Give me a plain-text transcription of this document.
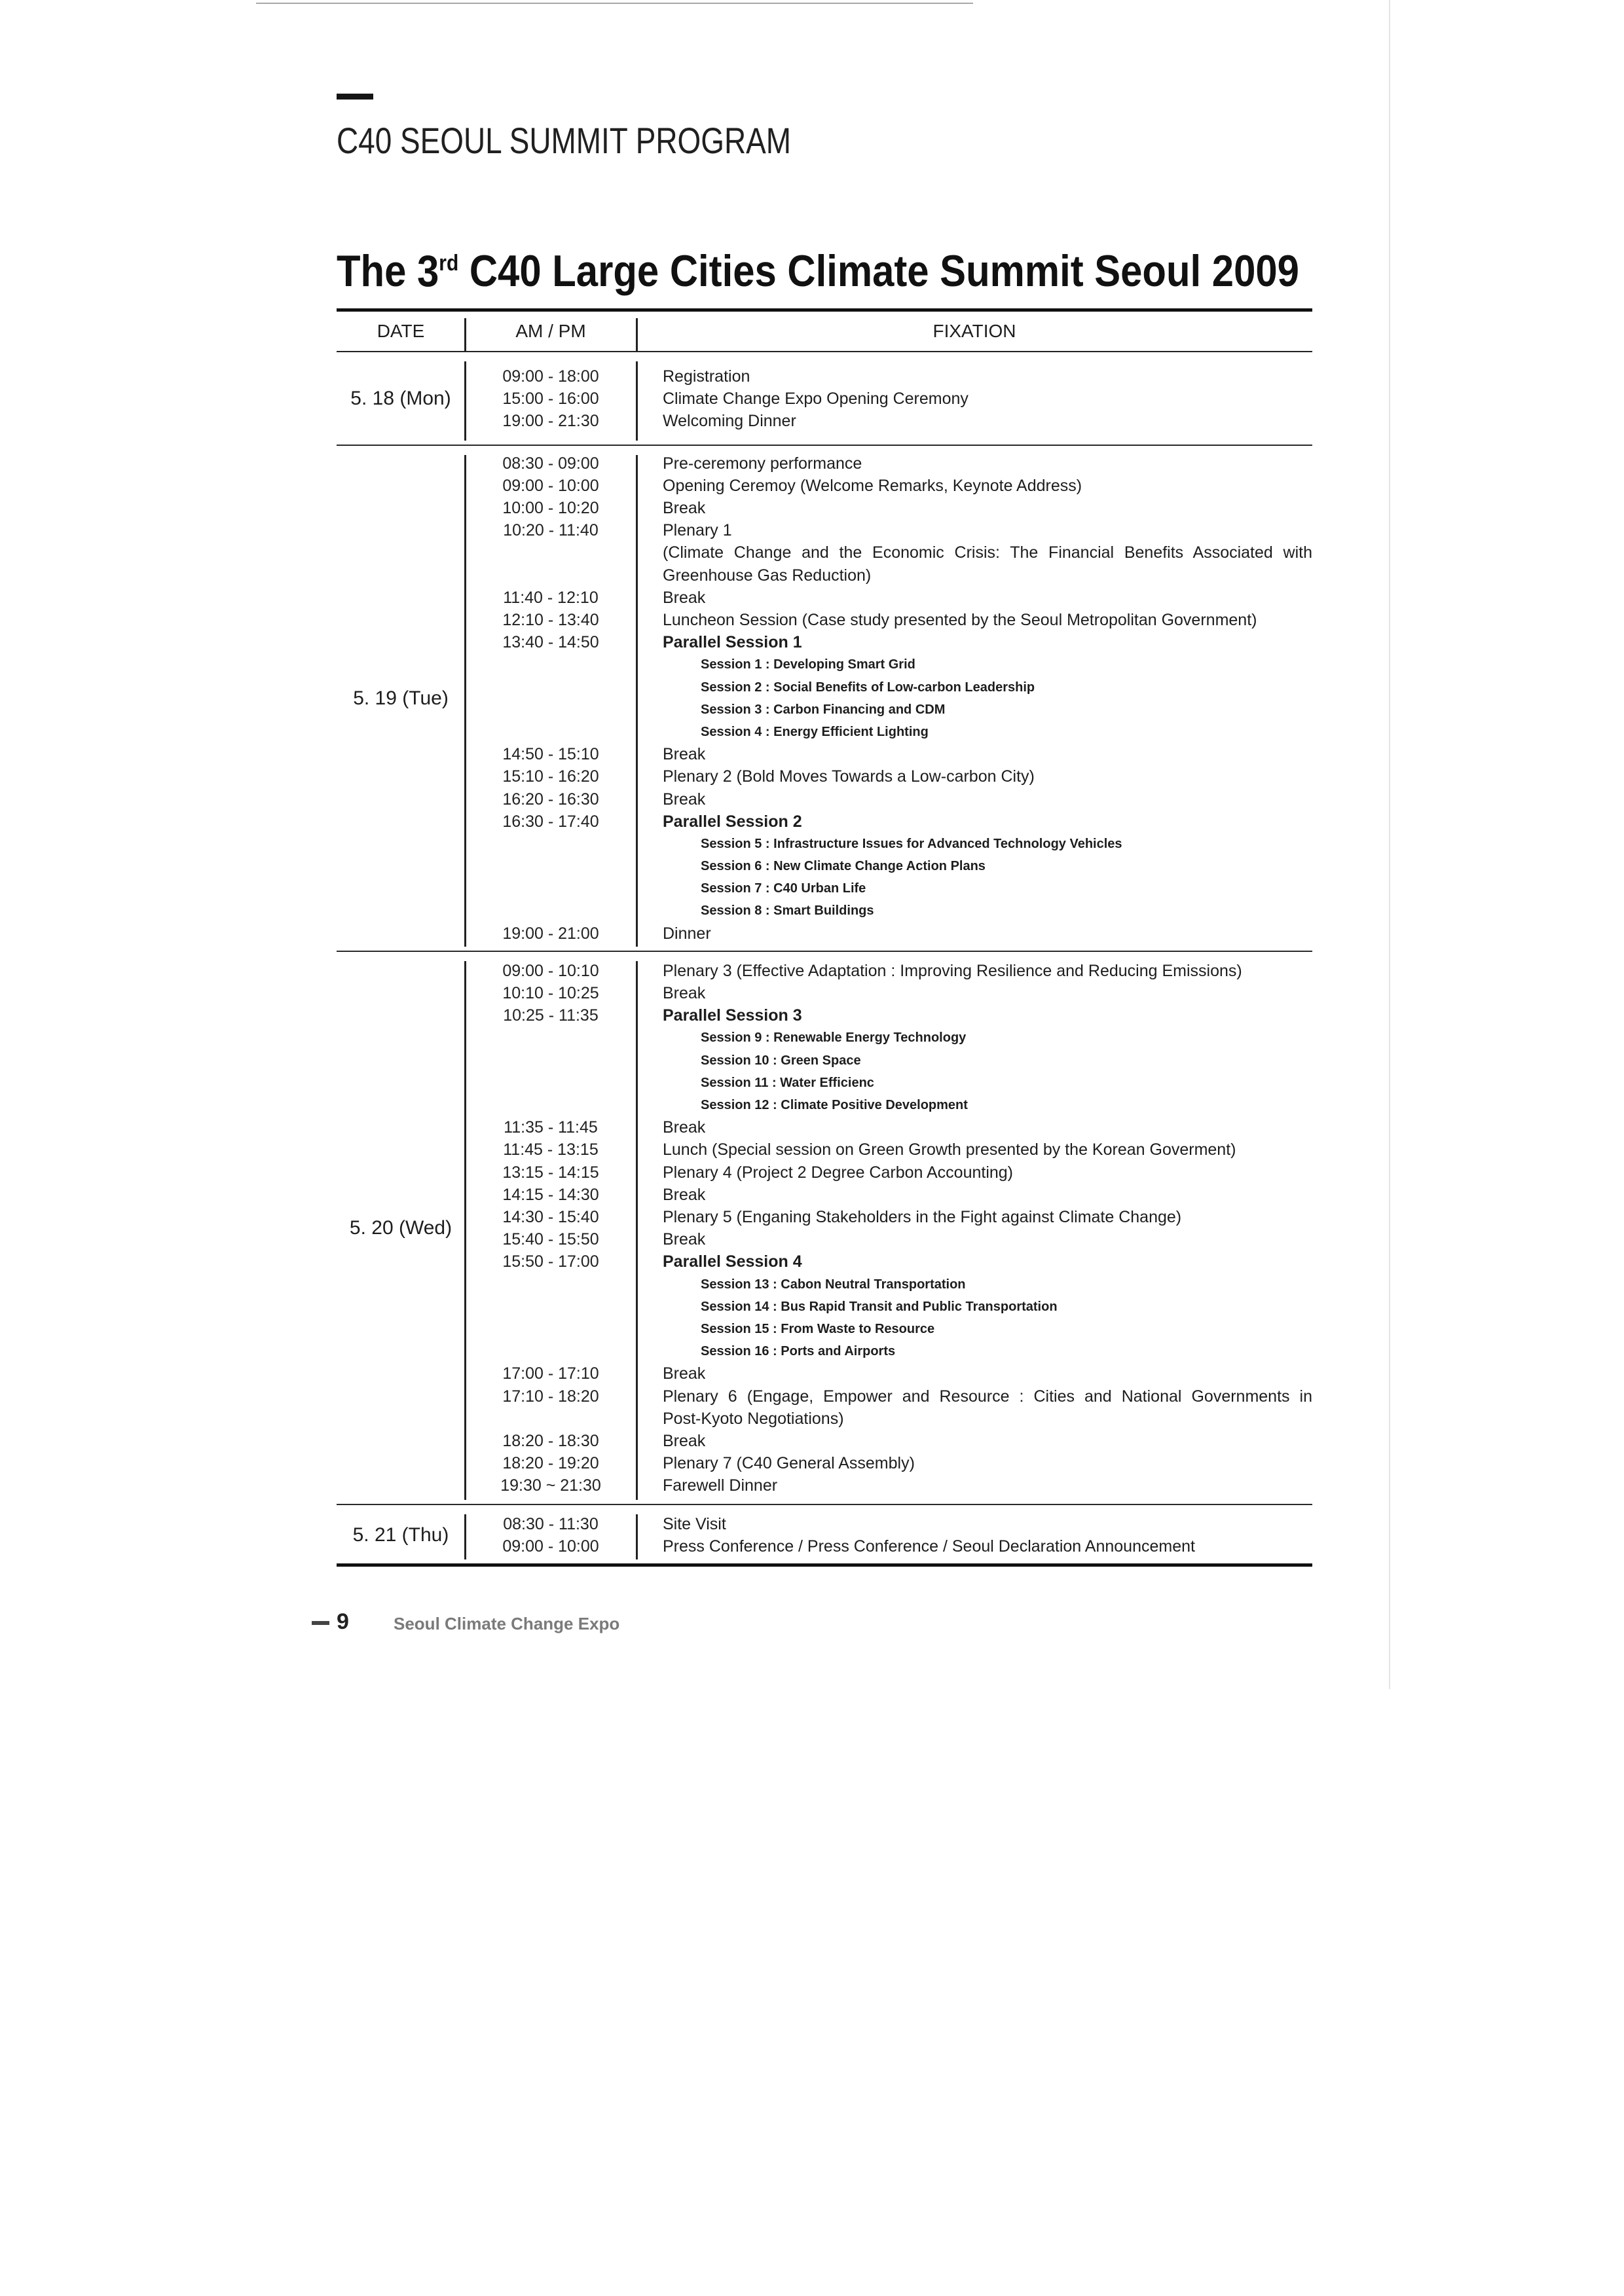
C40 SEOUL SUMMIT PROGRAM
The 3rd C40 Large Cities Climate Summit Seoul 2009
DATE	AM / PM	FIXATION
5. 18 (Mon)
09:00 - 18:00	Registration
15:00 - 16:00	Climate Change Expo Opening Ceremony
19:00 - 21:30	Welcoming Dinner
5. 19 (Tue)
08:30 - 09:00	Pre-ceremony performance
09:00 - 10:00	Opening Ceremoy (Welcome Remarks, Keynote Address)
10:00 - 10:20	Break
10:20 - 11:40	Plenary 1
(Climate Change and the Economic Crisis: The Financial Benefits Associated with
Greenhouse Gas Reduction)
11:40 - 12:10	Break
12:10 - 13:40	Luncheon Session (Case study presented by the Seoul Metropolitan Government)
13:40 - 14:50	Parallel Session 1
Session 1 : Developing Smart Grid
Session 2 : Social Benefits of Low-carbon Leadership
Session 3 : Carbon Financing and CDM
Session 4 : Energy Efficient Lighting
14:50 - 15:10	Break
15:10 - 16:20	Plenary 2 (Bold Moves Towards a Low-carbon City)
16:20 - 16:30	Break
16:30 - 17:40	Parallel Session 2
Session 5 : Infrastructure Issues for Advanced Technology Vehicles
Session 6 : New Climate Change Action Plans
Session 7 : C40 Urban Life
Session 8 : Smart Buildings
19:00 - 21:00	Dinner
5. 20 (Wed)
09:00 - 10:10	Plenary 3 (Effective Adaptation : Improving Resilience and Reducing Emissions)
10:10 - 10:25	Break
10:25 - 11:35	Parallel Session 3
Session 9 : Renewable Energy Technology
Session 10 : Green Space
Session 11 : Water Efficienc
Session 12 : Climate Positive Development
11:35 - 11:45	Break
11:45 - 13:15	Lunch (Special session on Green Growth presented by the Korean Goverment)
13:15 - 14:15	Plenary 4 (Project 2 Degree Carbon Accounting)
14:15 - 14:30	Break
14:30 - 15:40	Plenary 5 (Enganing Stakeholders in the Fight against Climate Change)
15:40 - 15:50	Break
15:50 - 17:00	Parallel Session 4
Session 13 : Cabon Neutral Transportation
Session 14 : Bus Rapid Transit and Public Transportation
Session 15 : From Waste to Resource
Session 16 : Ports and Airports
17:00 - 17:10	Break
17:10 - 18:20	Plenary 6 (Engage, Empower and Resource : Cities and National Governments in
Post-Kyoto Negotiations)
18:20 - 18:30	Break
18:20 - 19:20	Plenary 7 (C40 General Assembly)
19:30 ~ 21:30	Farewell Dinner
5. 21 (Thu)
08:30 - 11:30	Site Visit
09:00 - 10:00	Press Conference / Press Conference / Seoul Declaration Announcement
9	Seoul Climate Change Expo
